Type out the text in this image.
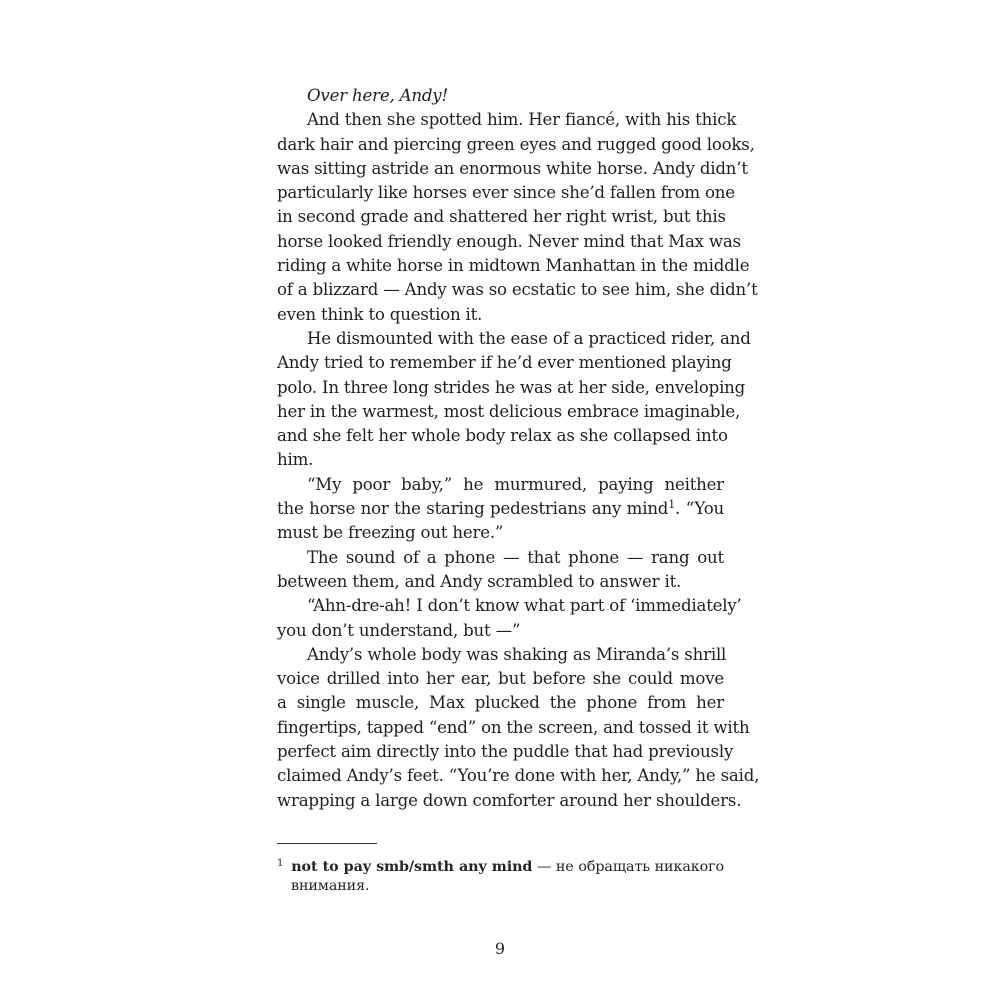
Over here, Andy!
And then she spotted him. Her fiancé, with his thick
dark hair and piercing green eyes and rugged good looks,
was sitting astride an enormous white horse. Andy didn’t
particularly like horses ever since she’d fallen from one
in second grade and shattered her right wrist, but this
horse looked friendly enough. Never mind that Max was
riding a white horse in midtown Manhattan in the middle
of a blizzard — Andy was so ecstatic to see him, she didn’t
even think to question it.
He dismounted with the ease of a practiced rider, and
Andy tried to remember if he’d ever mentioned playing
polo. In three long strides he was at her side, enveloping
her in the warmest, most delicious embrace imaginable,
and she felt her whole body relax as she collapsed into
him.
“My poor baby,” he murmured, paying neither
the horse nor the staring pedestrians any mind$^1$. “You
must be freezing out here.”
The sound of a phone — that phone — rang out
between them, and Andy scrambled to answer it.
“Ahn-dre-ah! I don’t know what part of ‘immediately’
you don’t understand, but —”
Andy’s whole body was shaking as Miranda’s shrill
voice drilled into her ear, but before she could move
a single muscle, Max plucked the phone from her
fingertips, tapped “end” on the screen, and tossed it with
perfect aim directly into the puddle that had previously
claimed Andy’s feet. “You’re done with her, Andy,” he said,
wrapping a large down comforter around her shoulders.
$^1$ not to pay smb/smth any mind — не обращать никакого
внимания.
9
